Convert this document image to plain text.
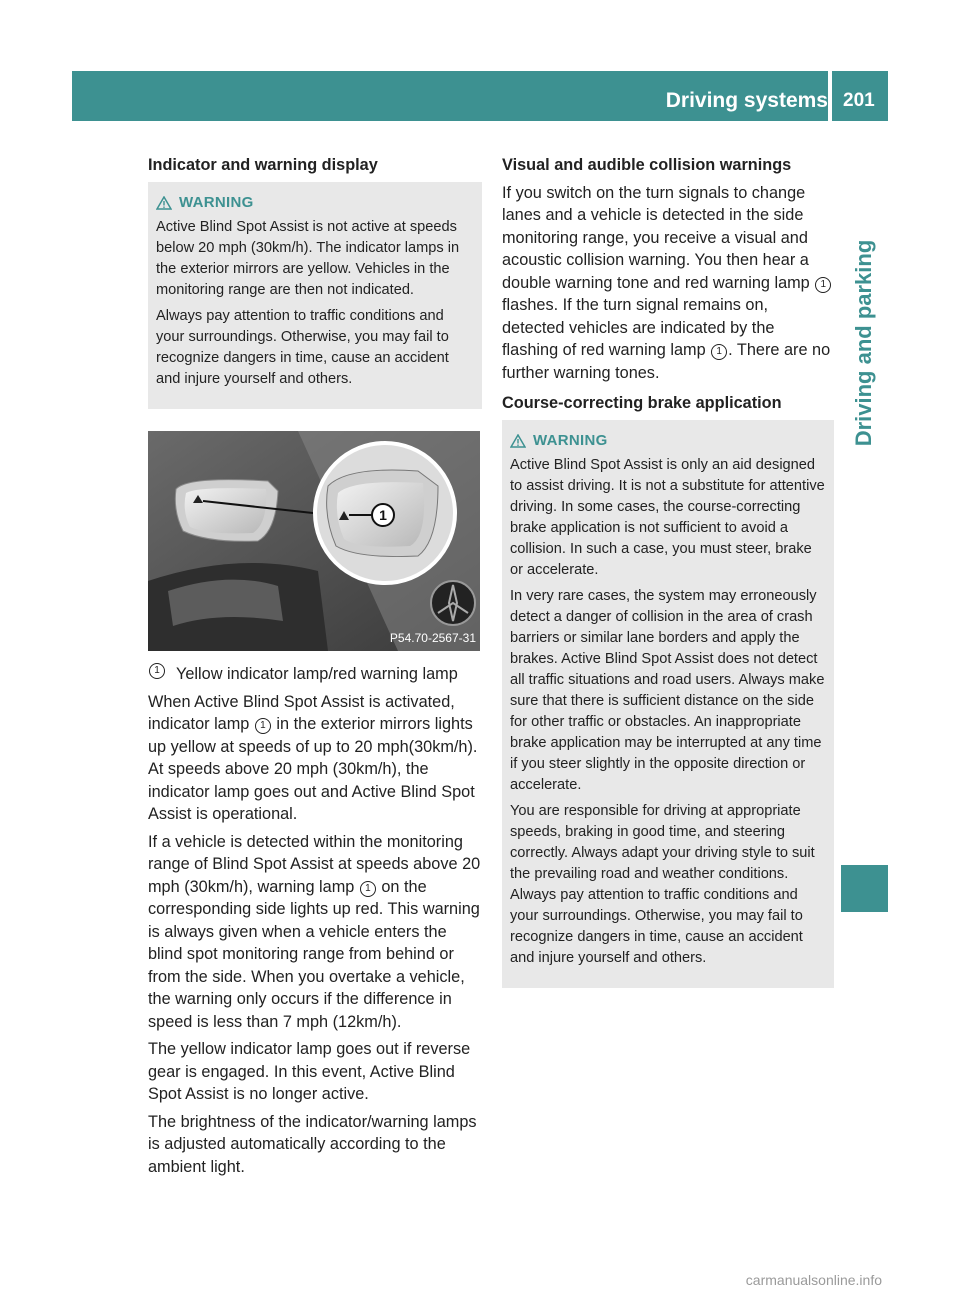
Driving systems 201
Driving and parking

Indicator and warning display

WARNING

Active Blind Spot Assist is not active at speeds below 20 mph (30km/h). The indicator lamps in the exterior mirrors are yellow. Vehicles in the monitoring range are then not indicated.

Always pay attention to traffic conditions and your surroundings. Otherwise, you may fail to recognize dangers in time, cause an accident and injure yourself and others.

1
P54.70-2567-31

1 Yellow indicator lamp/red warning lamp

When Active Blind Spot Assist is activated, indicator lamp 1 in the exterior mirrors lights up yellow at speeds of up to 20 mph(30km/h). At speeds above 20 mph (30km/h), the indicator lamp goes out and Active Blind Spot Assist is operational.

If a vehicle is detected within the monitoring range of Blind Spot Assist at speeds above 20 mph (30km/h), warning lamp 1 on the corresponding side lights up red. This warning is always given when a vehicle enters the blind spot monitoring range from behind or from the side. When you overtake a vehicle, the warning only occurs if the difference in speed is less than 7 mph (12km/h).

The yellow indicator lamp goes out if reverse gear is engaged. In this event, Active Blind Spot Assist is no longer active.

The brightness of the indicator/warning lamps is adjusted automatically according to the ambient light.

Visual and audible collision warnings

If you switch on the turn signals to change lanes and a vehicle is detected in the side monitoring range, you receive a visual and acoustic collision warning. You then hear a double warning tone and red warning lamp 1 flashes. If the turn signal remains on, detected vehicles are indicated by the flashing of red warning lamp 1 . There are no further warning tones.

Course-correcting brake application

WARNING

Active Blind Spot Assist is only an aid designed to assist driving. It is not a substitute for attentive driving. In some cases, the course-correcting brake application is not sufficient to avoid a collision. In such a case, you must steer, brake or accelerate.

In very rare cases, the system may erroneously detect a danger of collision in the area of crash barriers or similar lane borders and apply the brakes. Active Blind Spot Assist does not detect all traffic situations and road users. Always make sure that there is sufficient distance on the side for other traffic or obstacles. An inappropriate brake application may be interrupted at any time if you steer slightly in the opposite direction or accelerate.

You are responsible for driving at appropriate speeds, braking in good time, and steering correctly. Always adapt your driving style to suit the prevailing road and weather conditions. Always pay attention to traffic conditions and your surroundings. Otherwise, you may fail to recognize dangers in time, cause an accident and injure yourself and others.

carmanualsonline.info
